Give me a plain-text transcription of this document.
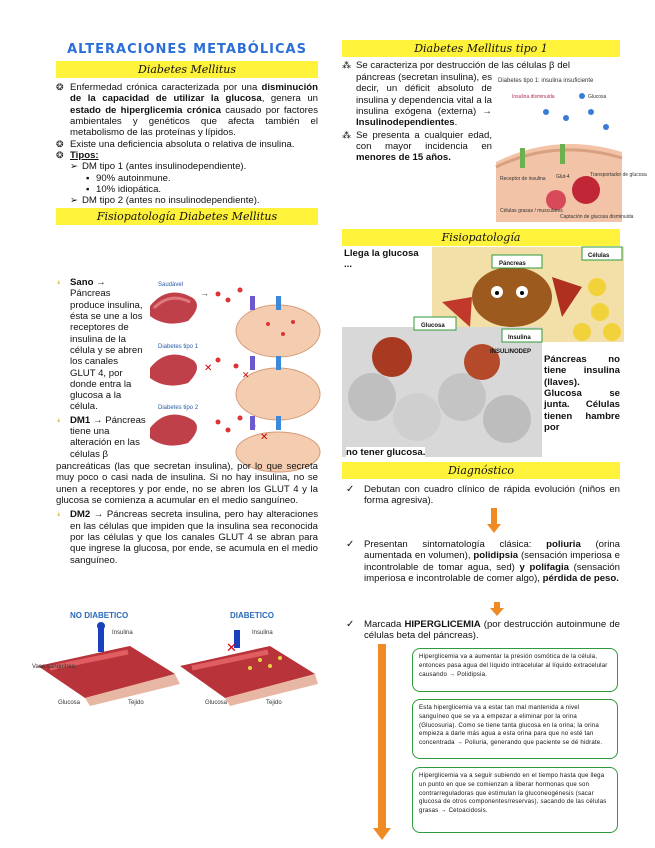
ALTERACIONES METABÓLICAS
Diabetes Mellitus
❂ Enfermedad crónica caracterizada por una disminución de la capacidad de utilizar la glucosa, genera un estado de hiperglicemia crónica causado por factores ambientales y genéticos que afecta también el metabolismo de las proteínas y lípidos.
❂ Existe una deficiencia absoluta o relativa de insulina.
❂ Tipos:
➢ DM tipo 1 (antes insulinodependiente).
▪ 90% autoinmune.
▪ 10% idiopática.
➢ DM tipo 2 (antes no insulinodependiente).
Fisiopatología Diabetes Mellitus
⍖ Sano → Páncreas produce insulina, ésta se une a los receptores de insulina de la célula y se abren los canales GLUT 4, por donde entra la glucosa a la célula.
⍖ DM1 → Páncreas tiene una alteración en las células β
Saudável
→
Diabetes tipo 1
✕
✕
Diabetes tipo 2
✕
pancreáticas (las que secretan insulina), por lo que secreta muy poco o casi nada de insulina. Si no hay insulina, no se unen a receptores y por ende, no se abren los GLUT 4 y la glucosa se comienza a acumular en el medio sanguíneo.
⍖ DM2 → Páncreas secreta insulina, pero hay alteraciones en las células que impiden que la insulina sea reconocida por las células y que los canales GLUT 4 se abran para que ingrese la glucosa, por ende, se acumula en el medio sanguíneo.
NO DIABETICO	DIABETICO
Insulina
Vaso sanguíneo
Glucosa	Tejido
✕
Insulina
Glucosa	Tejido
Diabetes Mellitus tipo 1
⁂ Se caracteriza por destrucción de las células β del
páncreas (secretan insulina), es decir, un déficit absoluto de insulina y dependencia vital a la insulina exógena (externa) → Insulinodependientes.
⁂ Se presenta a cualquier edad, con mayor incidencia en menores de 15 años.
Diabetes tipo 1: insulina insuficiente
Insulina disminuida	Glucosa
Receptor de insulina Glut-4	Transportador de glucosa
Células grasas / musculares
Captación de glucosa disminuida
Fisiopatología
Páncreas
Células
Glucosa
Insulina
INSULINODEP
Llega la glucosa ...
Páncreas no tiene insulina (llaves). Glucosa se junta. Células tienen hambre por
no tener glucosa.
Diagnóstico
✓ Debutan con cuadro clínico de rápida evolución (niños en forma agresiva).
✓ Presentan sintomatología clásica: poliuria (orina aumentada en volumen), polidipsia (sensación imperiosa e incontrolable de tomar agua, sed) y polifagia (sensación imperiosa e incontrolable de comer algo), pérdida de peso.
✓ Marcada HIPERGLICEMIA (por destrucción autoinmune de células beta del páncreas).
Hiperglicemia va a aumentar la presión osmótica de la célula, entonces pasa agua del líquido intracelular al líquido extracelular causando → Polidipsia.
Esta hiperglicemia va a estar tan mal mantenida a nivel sanguíneo que se va a empezar a eliminar por la orina (Glucosuria). Como se tiene tanta glucosa en la orina; la orina empieza a darle más agua a esta orina para que no esté tan concentrada → Poliuria, generando que paciente se dé hidrate.
Hiperglicemia va a seguir subiendo en el tiempo hasta que llega un punto en que se comienzan a liberar hormonas que son contrarreguladoras que estimulan la gluconeogénesis (sacar glucosa de otros componentes/reservas), sacando de las células grasas → Cetoacidosis.
